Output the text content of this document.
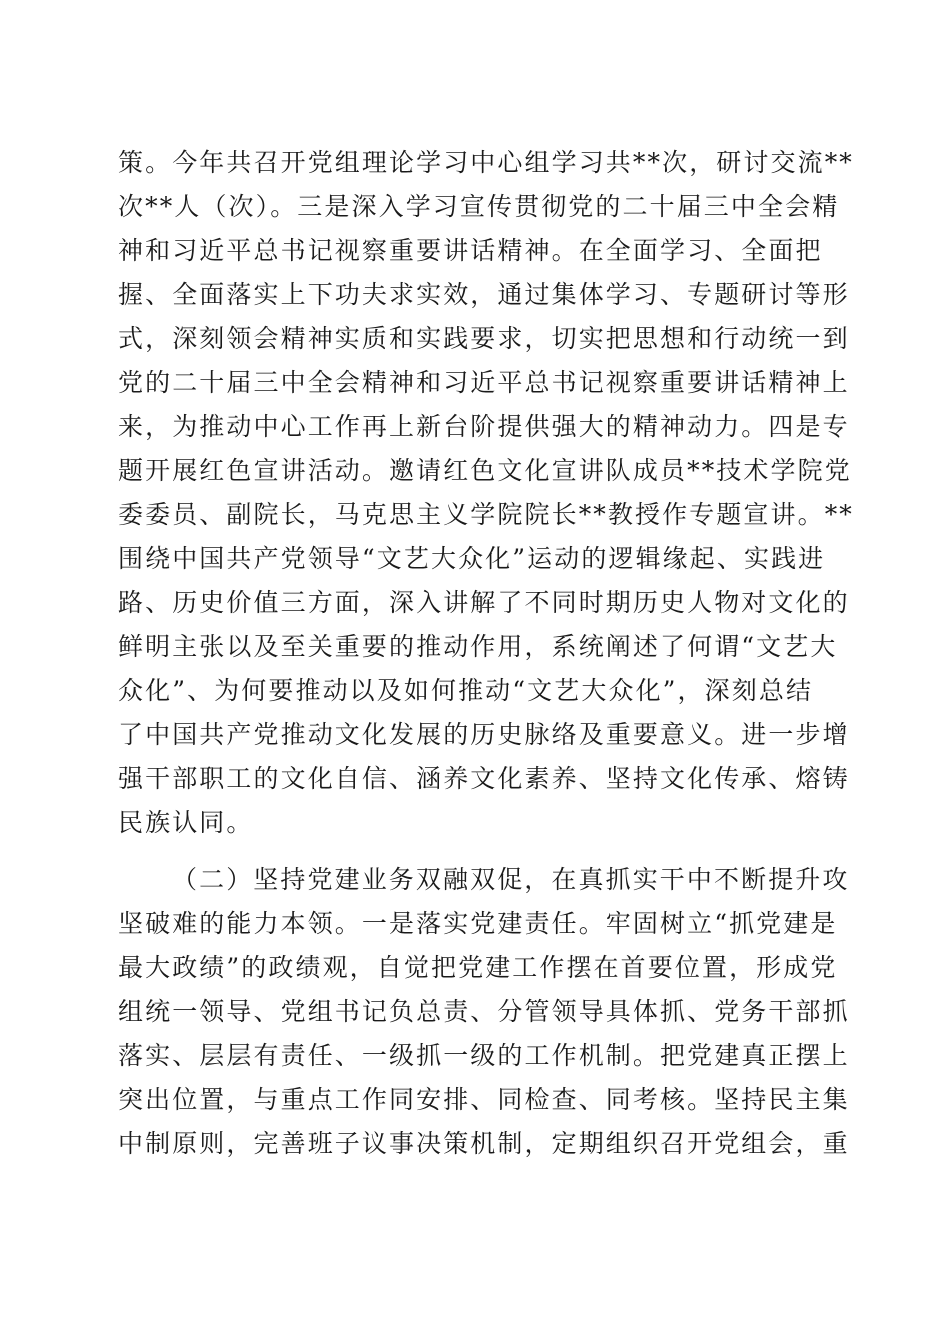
策。今年共召开党组理论学习中心组学习共**次，研讨交流**
次**人（次）。三是深入学习宣传贯彻党的二十届三中全会精
神和习近平总书记视察重要讲话精神。在全面学习、全面把
握、全面落实上下功夫求实效，通过集体学习、专题研讨等形
式，深刻领会精神实质和实践要求，切实把思想和行动统一到
党的二十届三中全会精神和习近平总书记视察重要讲话精神上
来，为推动中心工作再上新台阶提供强大的精神动力。四是专
题开展红色宣讲活动。邀请红色文化宣讲队成员**技术学院党
委委员、副院长，马克思主义学院院长**教授作专题宣讲。**
围绕中国共产党领导“文艺大众化”运动的逻辑缘起、实践进
路、历史价值三方面，深入讲解了不同时期历史人物对文化的
鲜明主张以及至关重要的推动作用，系统阐述了何谓“文艺大
众化”、为何要推动以及如何推动“文艺大众化”，深刻总结
了中国共产党推动文化发展的历史脉络及重要意义。进一步增
强干部职工的文化自信、涵养文化素养、坚持文化传承、熔铸
民族认同。
（二）坚持党建业务双融双促，在真抓实干中不断提升攻
坚破难的能力本领。一是落实党建责任。牢固树立“抓党建是
最大政绩”的政绩观，自觉把党建工作摆在首要位置，形成党
组统一领导、党组书记负总责、分管领导具体抓、党务干部抓
落实、层层有责任、一级抓一级的工作机制。把党建真正摆上
突出位置，与重点工作同安排、同检查、同考核。坚持民主集
中制原则，完善班子议事决策机制，定期组织召开党组会，重
